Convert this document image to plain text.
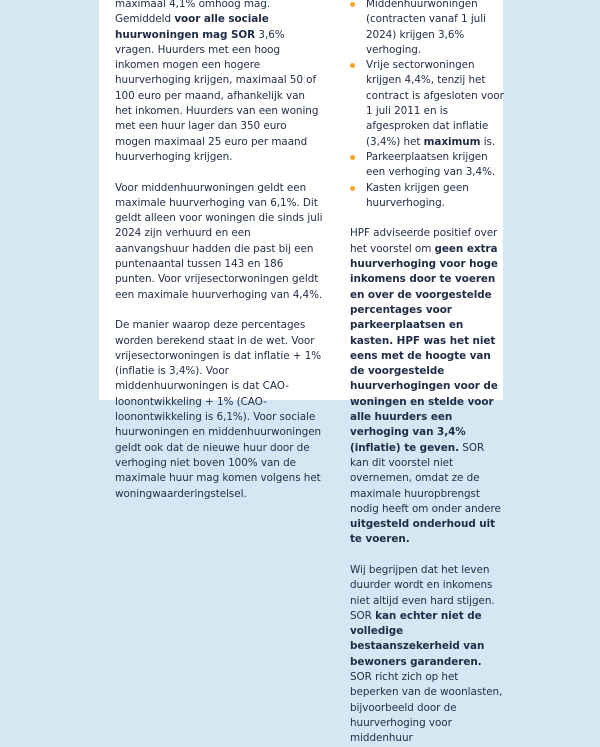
maximaal 4,1% omhoog mag. Gemiddeld voor alle sociale huurwoningen mag SOR 3,6% vragen. Huurders met een hoog inkomen mogen een hogere huurverhoging krijgen, maximaal 50 of 100 euro per maand, afhankelijk van het inkomen. Huurders van een woning met een huur lager dan 350 euro mogen maximaal 25 euro per maand huurverhoging krijgen.

Voor middenhuurwoningen geldt een maximale huurverhoging van 6,1%. Dit geldt alleen voor woningen die sinds juli 2024 zijn verhuurd en een aanvangshuur hadden die past bij een puntenaantal tussen 143 en 186 punten. Voor vrijesectorwoningen geldt een maximale huurverhoging van 4,4%.

De manier waarop deze percentages worden berekend staat in de wet. Voor vrijesectorwoningen is dat inflatie + 1% (inflatie is 3,4%). Voor middenhuurwoningen is dat CAO-loonontwikkeling + 1% (CAO-loonontwikkeling is 6,1%). Voor sociale huurwoningen en middenhuurwoningen geldt ook dat de nieuwe huur door de verhoging niet boven 100% van de maximale huur mag komen volgens het woningwaarderingstelsel.

Middenhuurwoningen (contracten vanaf 1 juli 2024) krijgen 3,6% verhoging.
Vrije sectorwoningen krijgen 4,4%, tenzij het contract is afgesloten voor 1 juli 2011 en is afgesproken dat inflatie (3,4%) het maximum is.
Parkeerplaatsen krijgen een verhoging van 3,4%.
Kasten krijgen geen huurverhoging.

HPF adviseerde positief over het voorstel om geen extra huurverhoging voor hoge inkomens door te voeren en over de voorgestelde percentages voor parkeerplaatsen en kasten. HPF was het niet eens met de hoogte van de voorgestelde huurverhogingen voor de woningen en stelde voor alle huurders een verhoging van 3,4% (inflatie) te geven. SOR kan dit voorstel niet overnemen, omdat ze de maximale huuropbrengst nodig heeft om onder andere uitgesteld onderhoud uit te voeren.

Wij begrijpen dat het leven duurder wordt en inkomens niet altijd even hard stijgen. SOR kan echter niet de volledige bestaanszekerheid van bewoners garanderen. SOR richt zich op het beperken van de woonlasten, bijvoorbeeld door de huurverhoging voor middenhuur
